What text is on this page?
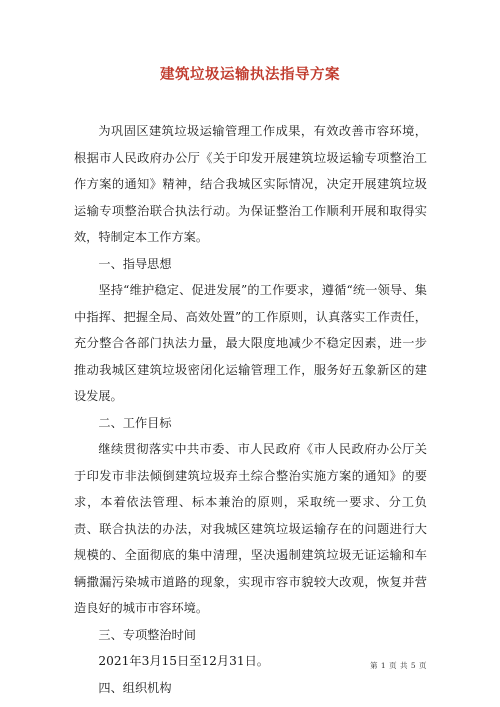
建筑垃圾运输执法指导方案

为巩固区建筑垃圾运输管理工作成果，有效改善市容环境，根据市人民政府办公厅《关于印发开展建筑垃圾运输专项整治工作方案的通知》精神，结合我城区实际情况，决定开展建筑垃圾运输专项整治联合执法行动。为保证整治工作顺利开展和取得实效，特制定本工作方案。

一、指导思想

坚持“维护稳定、促进发展”的工作要求，遵循“统一领导、集中指挥、把握全局、高效处置”的工作原则，认真落实工作责任，充分整合各部门执法力量，最大限度地减少不稳定因素，进一步推动我城区建筑垃圾密闭化运输管理工作，服务好五象新区的建设发展。

二、工作目标

继续贯彻落实中共市委、市人民政府《市人民政府办公厅关于印发市非法倾倒建筑垃圾弃土综合整治实施方案的通知》的要求，本着依法管理、标本兼治的原则，采取统一要求、分工负责、联合执法的办法，对我城区建筑垃圾运输存在的问题进行大规模的、全面彻底的集中清理，坚决遏制建筑垃圾无证运输和车辆撒漏污染城市道路的现象，实现市容市貌较大改观，恢复并营造良好的城市市容环境。

三、专项整治时间

2021年3月15日至12月31日。

四、组织机构

第 1 页 共 5 页
